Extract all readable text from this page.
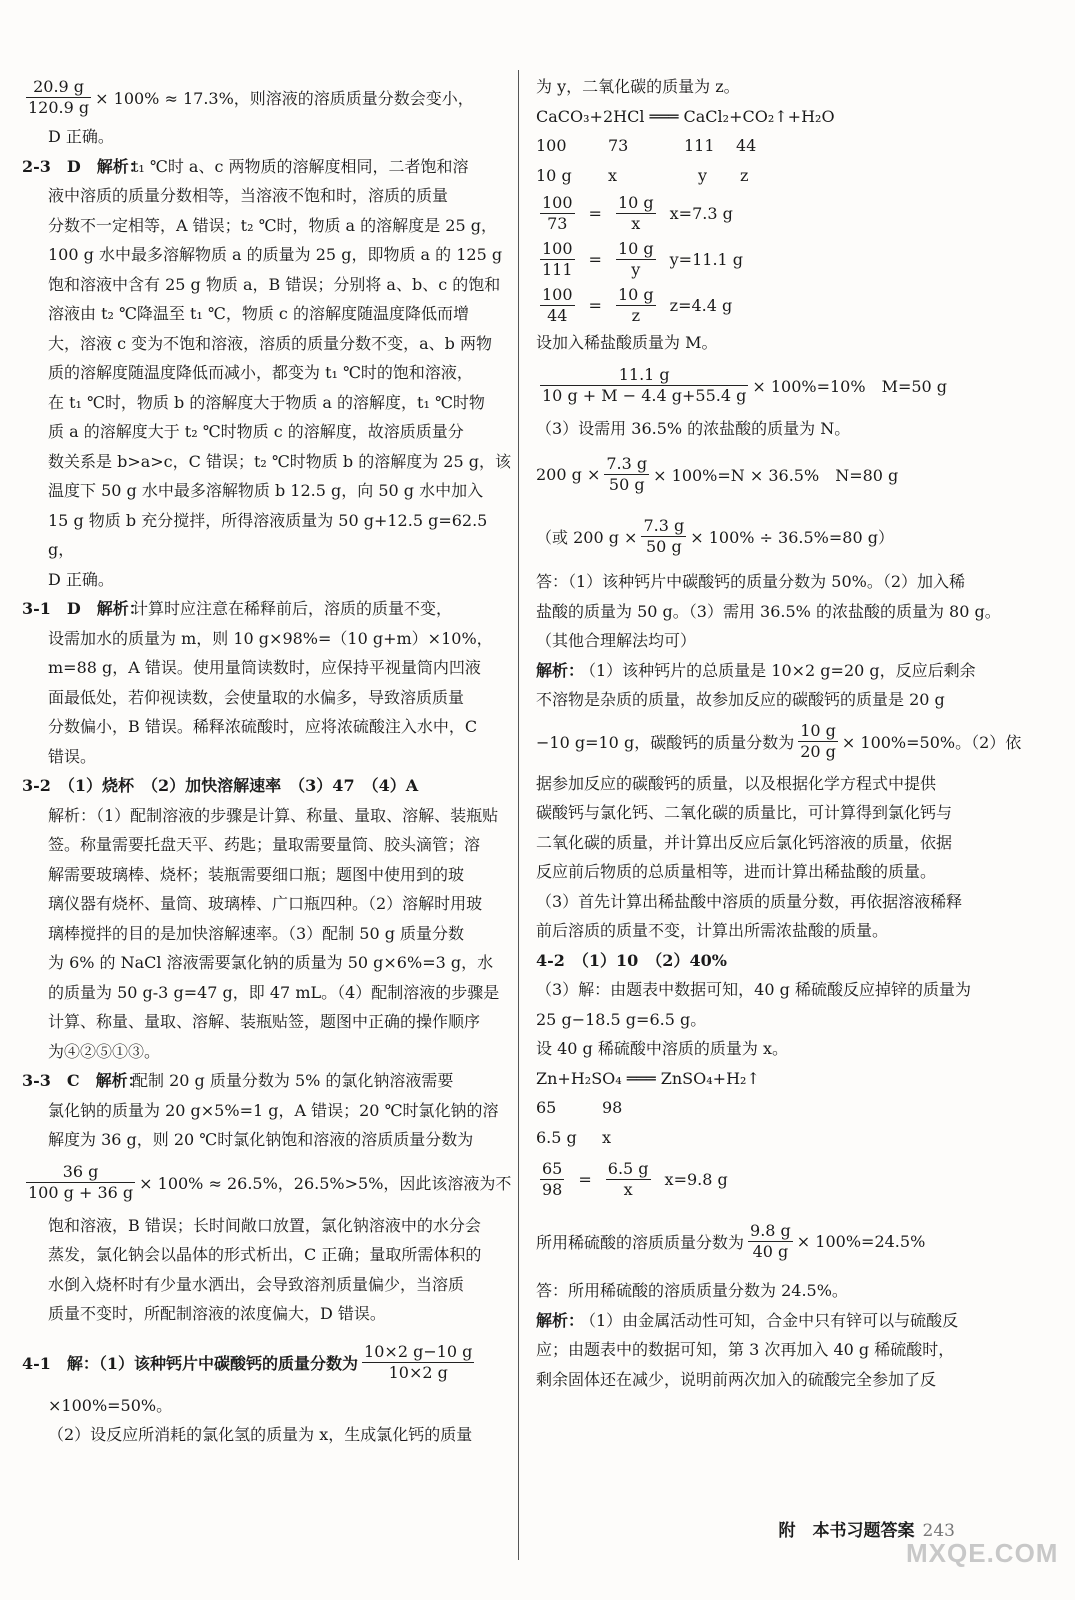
$\frac{20.9 g}{120.9 g} \times 100\% \approx 17.3\%$，则溶液的溶质质量分数会变小，

D 正确。

2-3　D　解析：

t₁ ℃时 a、c 两物质的溶解度相同，二者饱和溶

液中溶质的质量分数相等，当溶液不饱和时，溶质的质量

分数不一定相等，A 错误；t₂ ℃时，物质 a 的溶解度是 25 g，

100 g 水中最多溶解物质 a 的质量为 25 g，即物质 a 的 125 g

饱和溶液中含有 25 g 物质 a，B 错误；分别将 a、b、c 的饱和

溶液由 t₂ ℃降温至 t₁ ℃，物质 c 的溶解度随温度降低而增

大，溶液 c 变为不饱和溶液，溶质的质量分数不变，a、b 两物

质的溶解度随温度降低而减小，都变为 t₁ ℃时的饱和溶液，

在 t₁ ℃时，物质 b 的溶解度大于物质 a 的溶解度，t₁ ℃时物

质 a 的溶解度大于 t₂ ℃时物质 c 的溶解度，故溶质质量分

数关系是 b>a>c，C 错误；t₂ ℃时物质 b 的溶解度为 25 g，该

温度下 50 g 水中最多溶解物质 b 12.5 g，向 50 g 水中加入

15 g 物质 b 充分搅拌，所得溶液质量为 50 g+12.5 g=62.5 g，

D 正确。

3-1　D　解析：

计算时应注意在稀释前后，溶质的质量不变，

设需加水的质量为 m，则 10 g×98%=（10 g+m）×10%，

m=88 g，A 错误。使用量筒读数时，应保持平视量筒内凹液

面最低处，若仰视读数，会使量取的水偏多，导致溶质质量

分数偏小，B 错误。稀释浓硫酸时，应将浓硫酸注入水中，C

错误。

3-2　（1）烧杯　（2）加快溶解速率　（3）47　（4）A

解析：（1）配制溶液的步骤是计算、称量、量取、溶解、装瓶贴

签。称量需要托盘天平、药匙；量取需要量筒、胶头滴管；溶

解需要玻璃棒、烧杯；装瓶需要细口瓶；题图中使用到的玻

璃仪器有烧杯、量筒、玻璃棒、广口瓶四种。（2）溶解时用玻

璃棒搅拌的目的是加快溶解速率。（3）配制 50 g 质量分数

为 6% 的 NaCl 溶液需要氯化钠的质量为 50 g×6%=3 g，水

的质量为 50 g-3 g=47 g，即 47 mL。（4）配制溶液的步骤是

计算、称量、量取、溶解、装瓶贴签，题图中正确的操作顺序

为④②⑤①③。

3-3　C　解析：

配制 20 g 质量分数为 5% 的氯化钠溶液需要

氯化钠的质量为 20 g×5%=1 g，A 错误；20 ℃时氯化钠的溶

解度为 36 g，则 20 ℃时氯化钠饱和溶液的溶质质量分数为

$\frac{36 g}{100 g + 36 g} \times 100\% \approx 26.5\%$，26.5%>5%，因此该溶液为不

饱和溶液，B 错误；长时间敞口放置，氯化钠溶液中的水分会

蒸发，氯化钠会以晶体的形式析出，C 正确；量取所需体积的

水倒入烧杯时有少量水洒出，会导致溶剂质量偏少，当溶质

质量不变时，所配制溶液的浓度偏大，D 错误。

4-1　解：（1）该种钙片中碳酸钙的质量分数为 $\frac{10\times 2 g-10 g}{10\times 2 g}$

×100%=50%。

（2）设反应所消耗的氯化氢的质量为 x，生成氯化钙的质量

为 y，二氧化碳的质量为 z。

CaCO₃+2HCl ═══ CaCl₂+CO₂↑+H₂O

100	73	111 44
10 g x	y z
$\frac{100}{73} = \frac{10 g}{x} x=7.3$ g
$\frac{100}{111} = \frac{10 g}{y} y=11.1$ g
$\frac{100}{44} = \frac{10 g}{z} z=4.4$ g

设加入稀盐酸质量为 M。

$\frac{11.1 g}{10 g + M - 4.4 g+55.4 g} \times 100\%=10\%$　M=50 g

（3）设需用 36.5% 的浓盐酸的质量为 N。

200 $g \times \frac{7.3 g}{50 g} \times 100\%=N \times 36.5\%$　N=80 g
（或 200 $g \times \frac{7.3 g}{50 g} \times 100\% \div 36.5\%=80$ g）

答：（1）该种钙片中碳酸钙的质量分数为 50%。（2）加入稀

盐酸的质量为 50 g。（3）需用 36.5% 的浓盐酸的质量为 80 g。

（其他合理解法均可）

解析：

（1）该种钙片的总质量是 10×2 g=20 g，反应后剩余

不溶物是杂质的质量，故参加反应的碳酸钙的质量是 20 g

−10 g=10 g，碳酸钙的质量分数为 $\frac{10 g}{20 g} \times 100\%=50\%$。（2）依

据参加反应的碳酸钙的质量，以及根据化学方程式中提供

碳酸钙与氯化钙、二氧化碳的质量比，可计算得到氯化钙与

二氧化碳的质量，并计算出反应后氯化钙溶液的质量，依据

反应前后物质的总质量相等，进而计算出稀盐酸的质量。

（3）首先计算出稀盐酸中溶质的质量分数，再依据溶液稀释

前后溶质的质量不变，计算出所需浓盐酸的质量。

4-2　（1）10　（2）40%

（3）解：由题表中数据可知，40 g 稀硫酸反应掉锌的质量为

25 g−18.5 g=6.5 g。

设 40 g 稀硫酸中溶质的质量为 x。

Zn+H₂SO₄ ═══ ZnSO₄+H₂↑

65	98
6.5 g x
$\frac{65}{98} = \frac{6.5 g}{x} x=9.8$ g
所用稀硫酸的溶质质量分数为 $\frac{9.8 g}{40 g} \times 100\%=24.5\%$

答：所用稀硫酸的溶质质量分数为 24.5%。

解析：

（1）由金属活动性可知，合金中只有锌可以与硫酸反

应；由题表中的数据可知，第 3 次再加入 40 g 稀硫酸时，

剩余固体还在减少，说明前两次加入的硫酸完全参加了反

附　本书习题答案 243
MXQE.COM
